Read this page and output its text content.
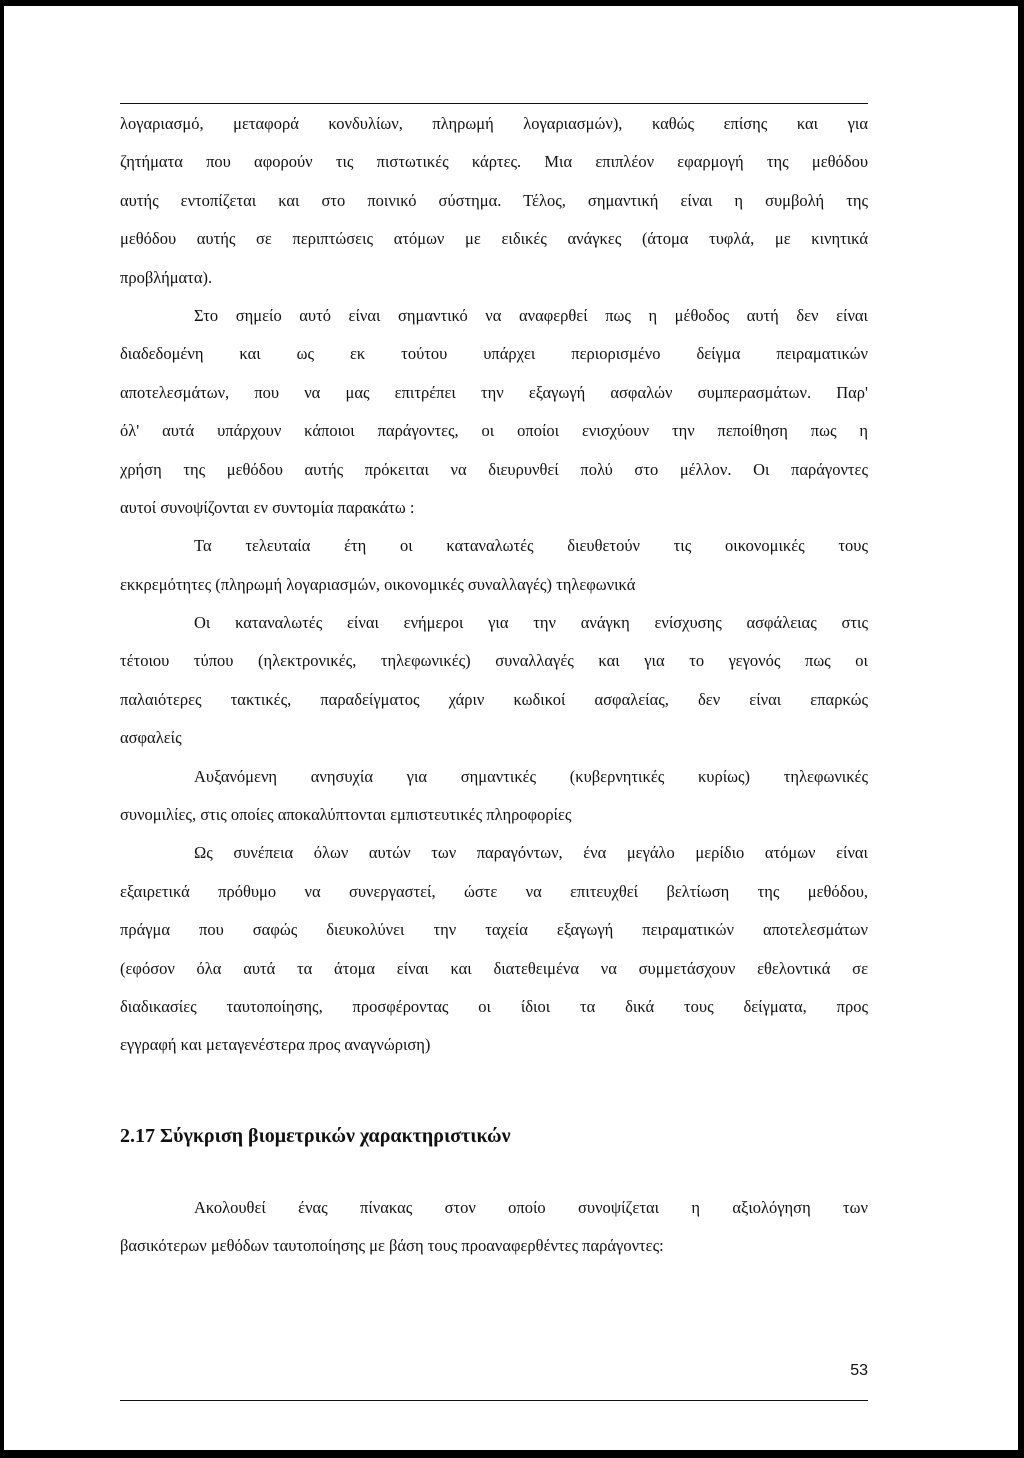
λογαριασμό, μεταφορά κονδυλίων, πληρωμή λογαριασμών), καθώς επίσης και για
ζητήματα που αφορούν τις πιστωτικές κάρτες. Μια επιπλέον εφαρμογή της μεθόδου
αυτής εντοπίζεται και στο ποινικό σύστημα. Τέλος, σημαντική είναι η συμβολή της
μεθόδου αυτής σε περιπτώσεις ατόμων με ειδικές ανάγκες (άτομα τυφλά, με κινητικά
προβλήματα).
Στο σημείο αυτό είναι σημαντικό να αναφερθεί πως η μέθοδος αυτή δεν είναι
διαδεδομένη και ως εκ τούτου υπάρχει περιορισμένο δείγμα πειραματικών
αποτελεσμάτων, που να μας επιτρέπει την εξαγωγή ασφαλών συμπερασμάτων. Παρ'
όλ' αυτά υπάρχουν κάποιοι παράγοντες, οι οποίοι ενισχύουν την πεποίθηση πως η
χρήση της μεθόδου αυτής πρόκειται να διευρυνθεί πολύ στο μέλλον. Οι παράγοντες
αυτοί συνοψίζονται εν συντομία παρακάτω :
Τα τελευταία έτη οι καταναλωτές διευθετούν τις οικονομικές τους
εκκρεμότητες (πληρωμή λογαριασμών, οικονομικές συναλλαγές) τηλεφωνικά
Οι καταναλωτές είναι ενήμεροι για την ανάγκη ενίσχυσης ασφάλειας στις
τέτοιου τύπου (ηλεκτρονικές, τηλεφωνικές) συναλλαγές και για το γεγονός πως οι
παλαιότερες τακτικές, παραδείγματος χάριν κωδικοί ασφαλείας, δεν είναι επαρκώς
ασφαλείς
Αυξανόμενη ανησυχία για σημαντικές (κυβερνητικές κυρίως) τηλεφωνικές
συνομιλίες, στις οποίες αποκαλύπτονται εμπιστευτικές πληροφορίες
Ως συνέπεια όλων αυτών των παραγόντων, ένα μεγάλο μερίδιο ατόμων είναι
εξαιρετικά πρόθυμο να συνεργαστεί, ώστε να επιτευχθεί βελτίωση της μεθόδου,
πράγμα που σαφώς διευκολύνει την ταχεία εξαγωγή πειραματικών αποτελεσμάτων
(εφόσον όλα αυτά τα άτομα είναι και διατεθειμένα να συμμετάσχουν εθελοντικά σε
διαδικασίες ταυτοποίησης, προσφέροντας οι ίδιοι τα δικά τους δείγματα, προς
εγγραφή και μεταγενέστερα προς αναγνώριση)
2.17 Σύγκριση βιομετρικών χαρακτηριστικών
Ακολουθεί ένας πίνακας στον οποίο συνοψίζεται η αξιολόγηση των
βασικότερων μεθόδων ταυτοποίησης με βάση τους προαναφερθέντες παράγοντες:
53
